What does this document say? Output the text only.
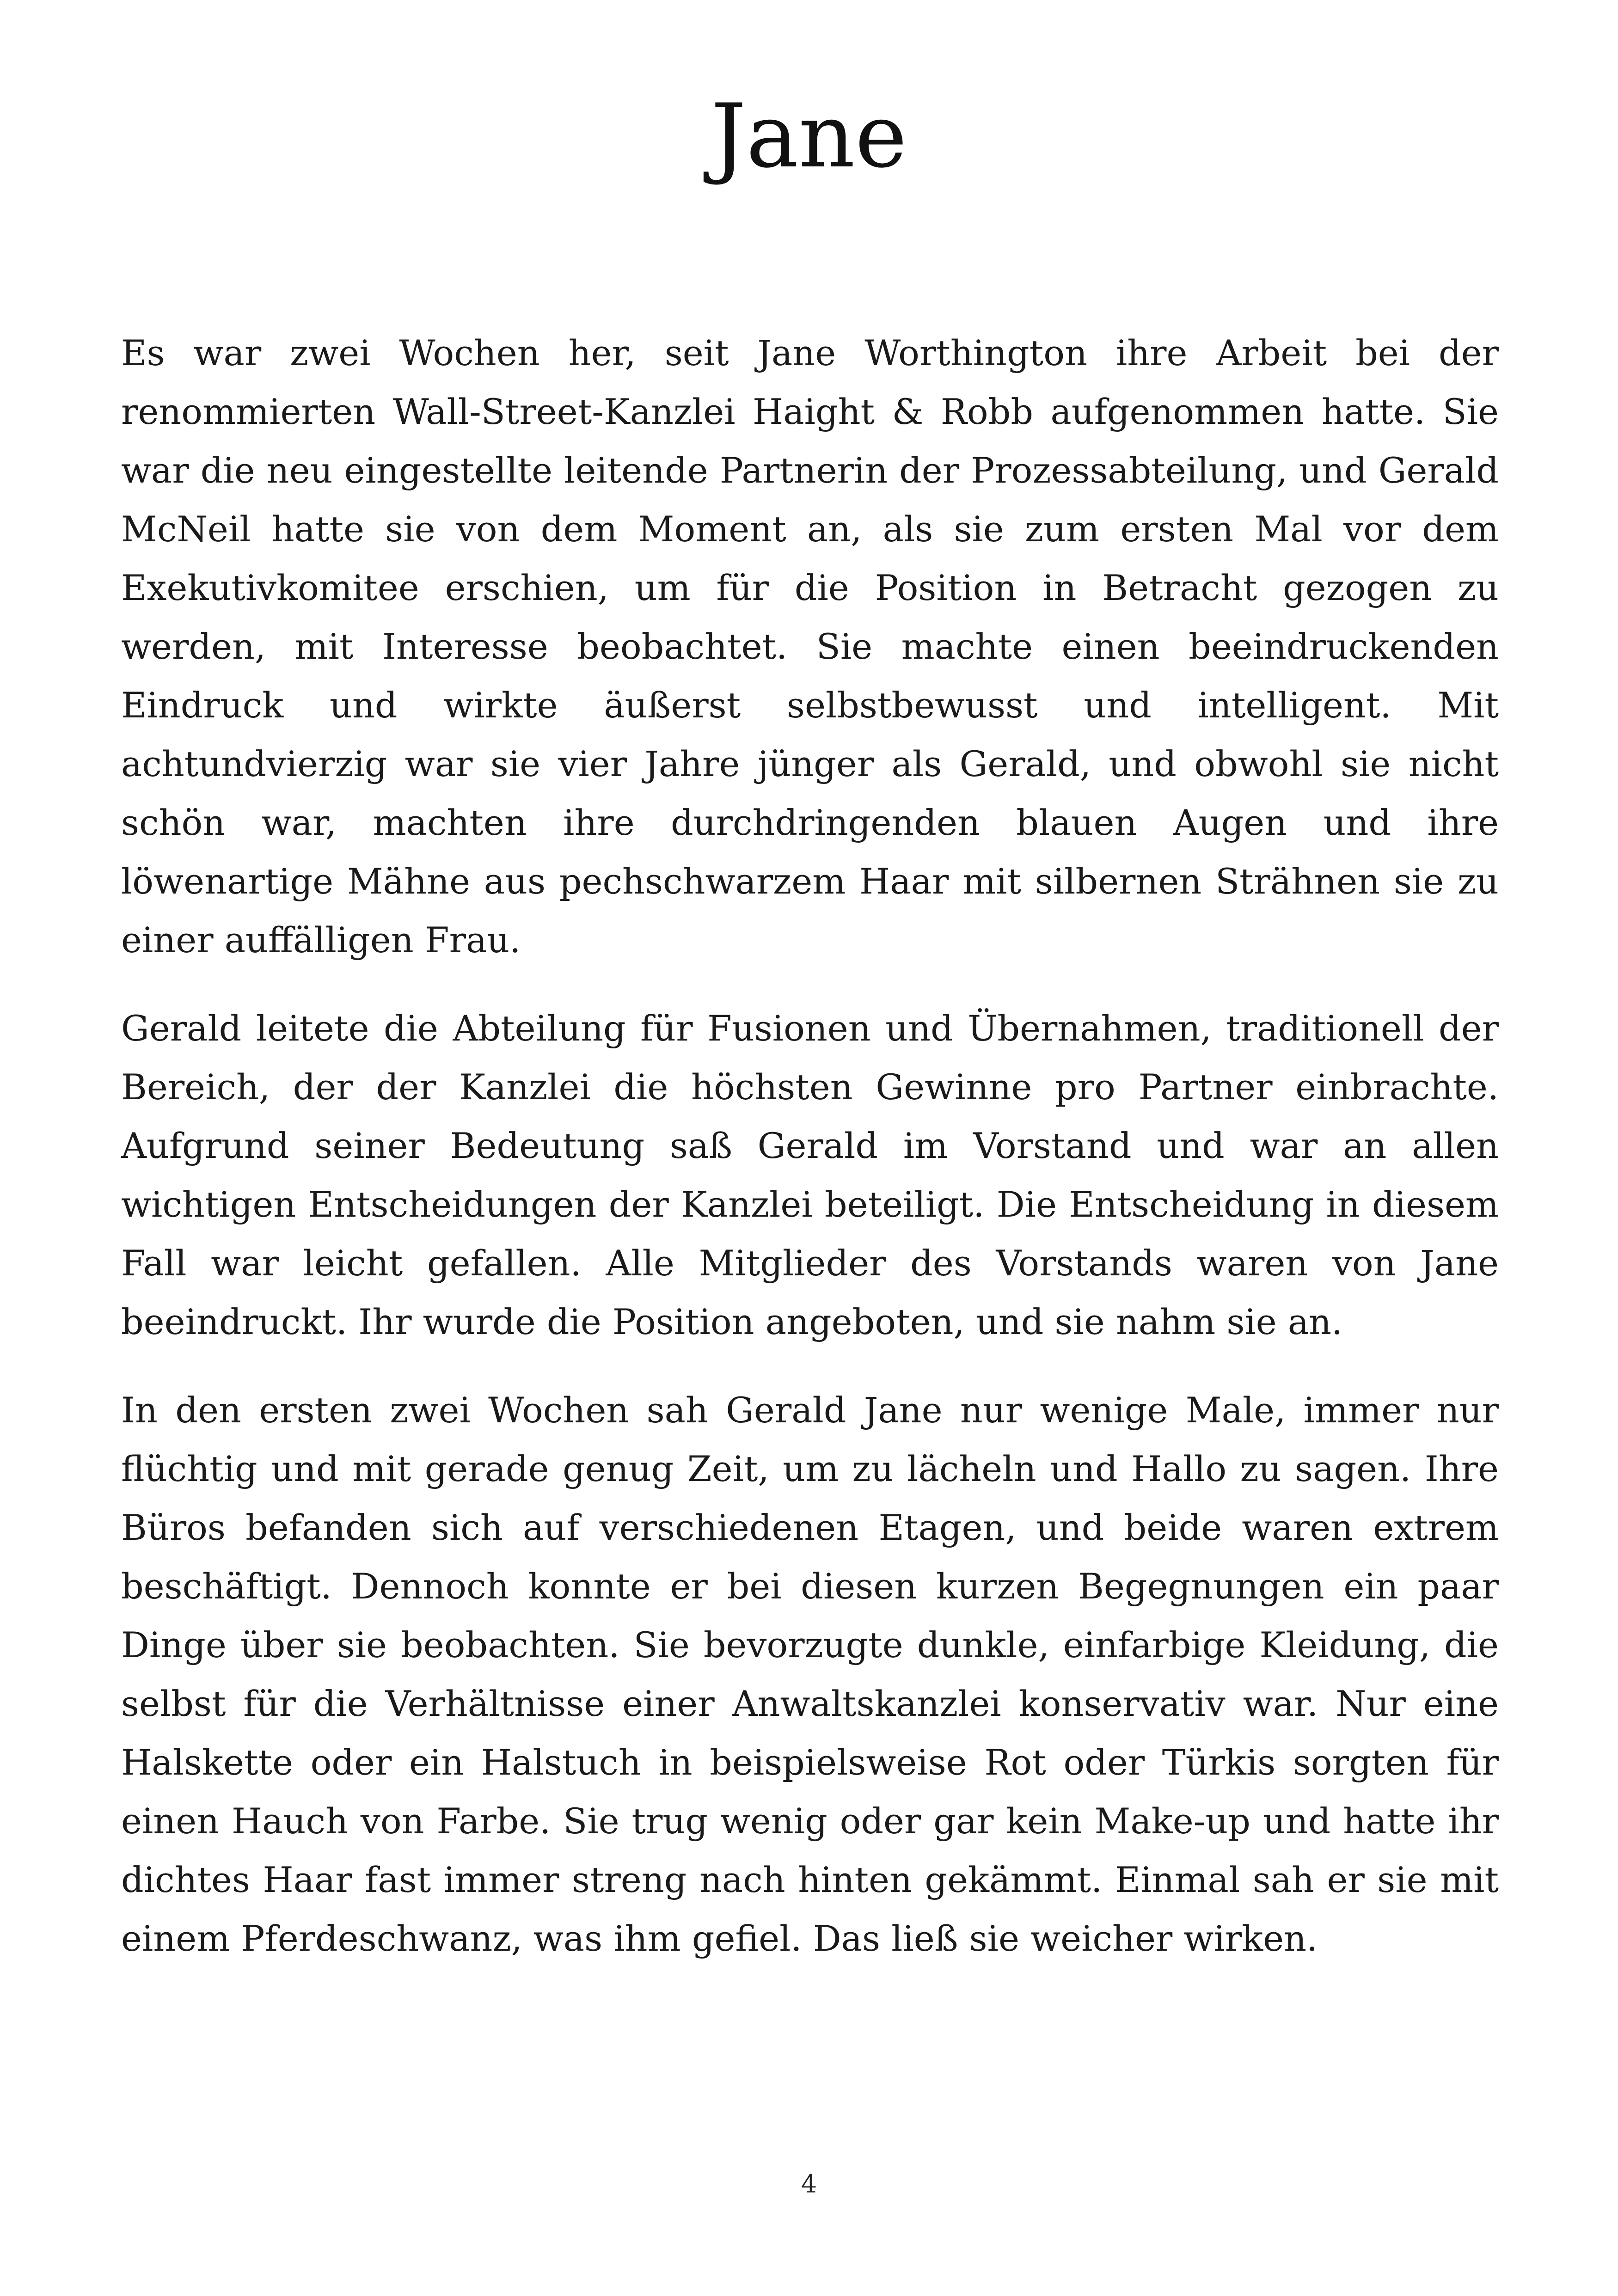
Jane

Es war zwei Wochen her, seit Jane Worthington ihre Arbeit bei der renommierten Wall-Street-Kanzlei Haight & Robb aufgenommen hatte. Sie war die neu eingestellte leitende Partnerin der Prozessabteilung, und Gerald McNeil hatte sie von dem Moment an, als sie zum ersten Mal vor dem Exekutivkomitee erschien, um für die Position in Betracht gezogen zu werden, mit Interesse beobachtet. Sie machte einen beeindruckenden Eindruck und wirkte äußerst selbstbewusst und intelligent. Mit achtundvierzig war sie vier Jahre jünger als Gerald, und obwohl sie nicht schön war, machten ihre durchdringenden blauen Augen und ihre löwenartige Mähne aus pechschwarzem Haar mit silbernen Strähnen sie zu einer auffälligen Frau.

Gerald leitete die Abteilung für Fusionen und Übernahmen, traditionell der Bereich, der der Kanzlei die höchsten Gewinne pro Partner einbrachte. Aufgrund seiner Bedeutung saß Gerald im Vorstand und war an allen wichtigen Entscheidungen der Kanzlei beteiligt. Die Entscheidung in diesem Fall war leicht gefallen. Alle Mitglieder des Vorstands waren von Jane beeindruckt. Ihr wurde die Position angeboten, und sie nahm sie an.

In den ersten zwei Wochen sah Gerald Jane nur wenige Male, immer nur flüchtig und mit gerade genug Zeit, um zu lächeln und Hallo zu sagen. Ihre Büros befanden sich auf verschiedenen Etagen, und beide waren extrem beschäftigt. Dennoch konnte er bei diesen kurzen Begegnungen ein paar Dinge über sie beobachten. Sie bevorzugte dunkle, einfarbige Kleidung, die selbst für die Verhältnisse einer Anwaltskanzlei konservativ war. Nur eine Halskette oder ein Halstuch in beispielsweise Rot oder Türkis sorgten für einen Hauch von Farbe. Sie trug wenig oder gar kein Make-up und hatte ihr dichtes Haar fast immer streng nach hinten gekämmt. Einmal sah er sie mit einem Pferdeschwanz, was ihm gefiel. Das ließ sie weicher wirken.

4
